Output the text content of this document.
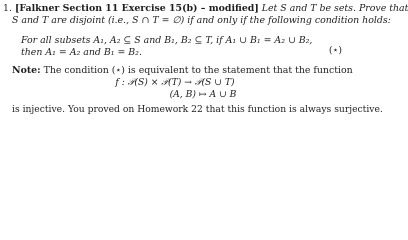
1. [Falkner Section 11 Exercise 15(b) – modified] Let S and T be sets. Prove that
S and T are disjoint (i.e., S ∩ T = ∅) if and only if the following condition holds:
For all subsets A₁, A₂ ⊆ S and B₁, B₂ ⊆ T, if A₁ ∪ B₁ = A₂ ∪ B₂,
then A₁ = A₂ and B₁ = B₂.	(⋆)
Note: The condition (⋆) is equivalent to the statement that the function
f : 𝒫(S) × 𝒫(T) → 𝒫(S ∪ T)
(A, B) ↦ A ∪ B
is injective. You proved on Homework 22 that this function is always surjective.
